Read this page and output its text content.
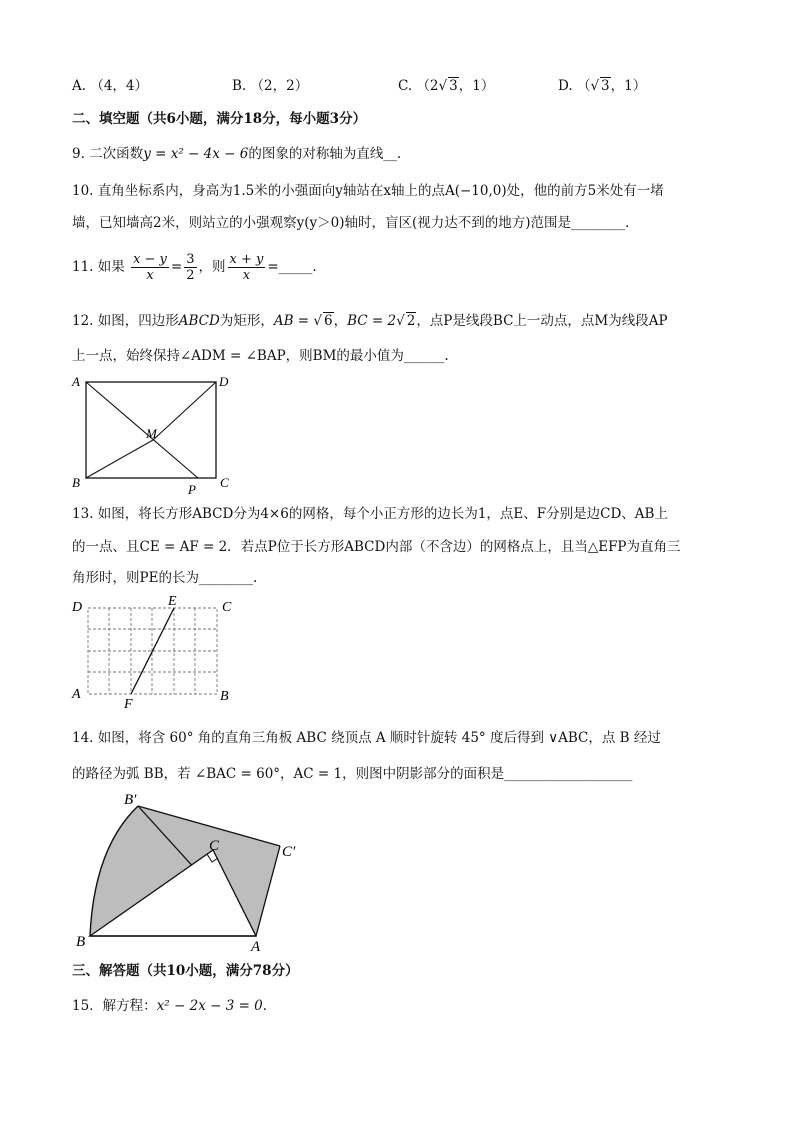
A. （4，4）	B. （2，2）	C. （2√ 3，1）	D. （√ 3，1）
二、填空题（共6小题，满分18分，每小题3分）
9. 二次函数y = x² − 4x − 6的图象的对称轴为直线__.
10. 直角坐标系内，身高为1.5米的小强面向y轴站在x轴上的点A(−10,0)处，他的前方5米处有一堵
墙，已知墙高2米，则站立的小强观察y(y＞0)轴时，盲区(视力达不到的地方)范围是________.
11. 如果 $\frac{x - y}{x} = \frac{3}{2}$ ，则 $\frac{x + y}{x}$ =_____.
12. 如图，四边形ABCD为矩形，AB = √ 6，BC = 2√ 2，点P是线段BC上一动点，点M为线段AP
上一点，始终保持∠ADM = ∠BAP，则BM的最小值为______.
A	D
B	C
M
P
13. 如图，将长方形ABCD分为4×6的网格，每个小正方形的边长为1，点E、F分别是边CD、AB上
的一点、且CE = AF = 2．若点P位于长方形ABCD内部（不含边）的网格点上，且当△EFP为直角三
角形时，则PE的长为________.
D	E	C
A	B
F
14. 如图，将含 60° 角的直角三角板 ABC 绕顶点 A 顺时针旋转 45° 度后得到 ∨ABC，点 B 经过
的路径为弧 BB，若 ∠BAC = 60°，AC = 1，则图中阴影部分的面积是___________________
B′
C	C′
B	A
三、解答题（共10小题，满分78分）
15．解方程：x² − 2x − 3 = 0.
